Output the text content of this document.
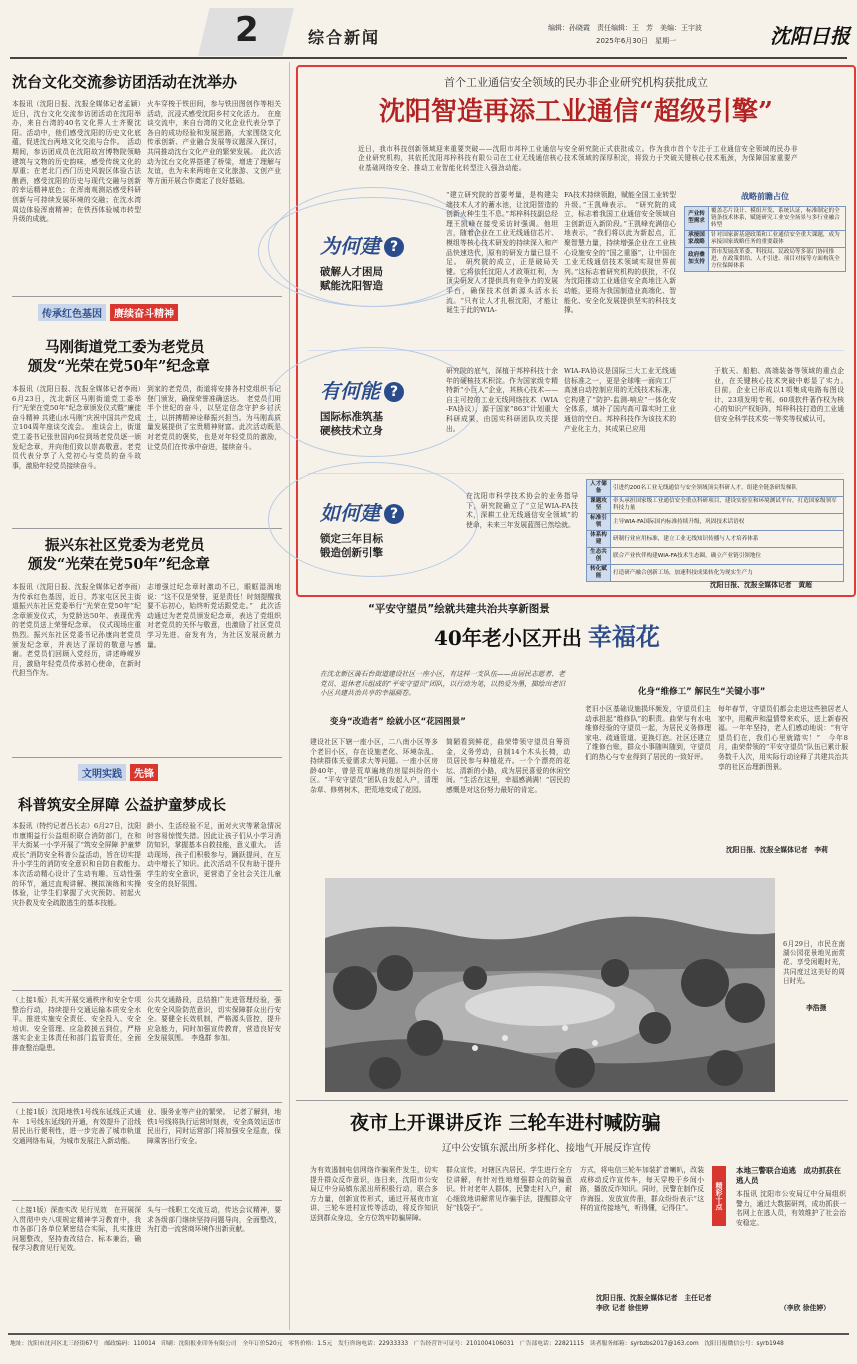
2	综合新闻	编辑：孙晓霞　责任编辑：王　芳　美编：王宇波
2025年6月30日　星期一	沈阳日报
沈台文化交流参访团活动在沈举办
本报讯（沈阳日报、沈报全媒体记者孟颖）近日，沈台文化交流参访团活动在沈阳举办，来自台湾的40名文化界人士齐聚沈阳。活动中，他们感受沈阳的历史文化底蕴，促进沈台两地文化交流与合作。　活动期间，参访团成员在沈阳故宫博物院领略建筑与文物的历史韵味，感受传统文化的厚重；在老北门西门历史风貌区体验古法酿酒，感受沈阳的历史与现代交融与创新的幸运精神底色；在浑南观测站感受科研创新与可持续发展环境的交融；在沈水湾周边体验浑南精神；在铁西体验城市转型升级的成就。
火车穿梭于铁田间，参与铁田图创作等相关活动，沉浸式感受沈阳乡村文化活力。　在座谈交流中，来自台湾的文化企业代表分享了各自的成功经验和发展思路，大家围绕文化传承创新、产业融合发展等议题深入探讨，共同推动沈台文化产业的繁荣发展。　此次活动为沈台文化界搭建了桥梁，增进了理解与友谊，也为未来两地在文化旅游、文创产业等方面开展合作奠定了良好基础。
传承红色基因 赓续奋斗精神
马刚街道党工委为老党员
颁发“光荣在党50年”纪念章
本报讯（沈阳日报、沈报全媒体记者李雨）6月23日，沈北新区马刚街道党工委举行“光荣在党50年”纪念章颁发仪式暨“廉徒奋斗精神 共建山水马刚”庆祝中国共产党成立104周年座谈交流会。　座谈会上，街道党工委书记张世国向6位到场老党员逐一颁发纪念章，并向他们致以崇高敬意。老党员代表分享了入党初心与党员的奋斗故事，激励年轻党员接续奋斗。
到家的老党员，街道将安排各村党组织书记登门颁发，确保荣誉准确送达。　老党员们用半个世纪的奋斗，以坚定信念守护乡村沃土，以拼搏精神诠释振兴担当。为马刚高质量发展提供了宝贵精神财富。此次活动既是对老党员的褒奖，也是对年轻党员的激励，让党员们在传承中奋进，接续奋斗。
振兴东社区党委为老党员
颁发“光荣在党50年”纪念章
本报讯（沈阳日报、沈报全媒体记者李雨）为传承红色基因，近日，苏家屯区民主街道振兴东社区党委举行“光荣在党50年”纪念章颁发仪式，为党龄达50年、表现优秀的老党员送上荣誉纪念章。　仪式现场庄重热烈。振兴东社区党委书记孙康向老党员颁发纪念章，并表达了深切的敬意与感谢。老党员们回顾入党经历，讲述峥嵘岁月，激励年轻党员传承初心使命，在新时代担当作为。
志增强过纪念章时激动不已，眼眶湿润地说：“这不仅是荣誉，更是责任！时刻提醒我要不忘初心，始终听党话跟党走。”　此次活动通过为老党员颁发纪念章，表达了党组织对老党员的关怀与敬意，也激励了社区党员学习先进、奋发有为，为社区发展贡献力量。
文明实践 先锋
科普筑安全屏障 公益护童梦成长
本报讯（特约记者吕长志）6月27日，沈阳市康期益行公益组织联合消防部门，在和平大街某一小学开展了“筑安全屏障 护童梦成长”消防安全科普公益活动，旨在切实提升小学生的消防安全意识和自防自救能力。　本次活动精心设计了生动有趣、互动性强的环节，通过直观讲解、模拟演练和实操体验，让学生们掌握了火灾预防、初起火灾扑救及安全疏散逃生的基本技能。
龄小、生活经验不足，面对火灾等紧急情况时容易惊慌失措。因此让孩子们从小学习消防知识，掌握基本自救技能，意义重大。　活动现场，孩子们积极参与，踊跃提问，在互动中增长了知识。此次活动不仅有助于提升学生的安全意识，更营造了全社会关注儿童安全的良好氛围。
（上接1版）扎实开展交通秩序和安全专项整治行动，持续提升交通运输本质安全水平。推进实施安全责任、安全投入、安全培训、安全管理、应急救援五到位，严格落实企业主体责任和部门监管责任，全面排查整治隐患。
公共交通路段，总结推广先进管理经验，强化安全风险防范意识，切实保障群众出行安全。要健全长效机制，严格源头管控，提升应急能力，同时加强宣传教育，营造良好安全发展氛围。　李逸群 参加。
（上接1版）沈阳地铁1号线东延线正式通车　1号线东延线的开通，有效提升了沿线居民出行便利性，进一步完善了城市轨道交通网络布局，为城市发展注入新动能。
业、服务业等产业的繁荣。　记者了解到，地铁1号线将执行运营时刻表，安全高效运送市民出行，同时运营部门将加强安全巡查，保障乘客出行安全。
（上接1版）深查实改 见行见效　在开展深入贯彻中央八项规定精神学习教育中，我市各部门各单位紧密结合实际，扎实推进问题整改，坚持查改结合、标本兼治，确保学习教育见行见效。
头与一线职工交流互动，传达会议精神，要求各级部门继续坚持问题导向，全面整改，为打造一流营商环境作出新贡献。
首个工业通信安全领域的民办非企业研究机构获批成立
沈阳智造再添工业通信“超级引擎”
近日，我市科技创新领域迎来重要突破——沈阳市邦梓工业通信与安全研究院正式获批成立。作为我市首个专注于工业通信安全领域的民办非企业研究机构，其依托沈阳邦梓科技有限公司在工业无线通信核心技术领域的深厚积淀，将致力于突破关键核心技术瓶颈，为保障国家重要产业基础网络安全、推动工业智能化转型注入强劲动能。
为何建 ?
破解人才困局
赋能沈阳智造
“建立研究院的首要考量，是构建尖端技术人才的蓄水池，让沈阳智造的创新火种生生不息。”邦梓科技副总经理王凯峰在接受采访时强调。他坦言，随着企业在工业无线通信芯片、模组等核心技术研发的持续深入和产品快速迭代，原有的研发力量已显不足。　研究院的成立，正是破局关键。它将依托沈阳人才政策红利，为顶尖研发人才提供具有竞争力的发展平台，确保技术创新源头活水长流。“只有让人才扎根沈阳，才能让诞生于此的WIA-
FA技术持续领跑，赋能全国工业转型升级。”王凯峰表示。　“研究院的成立，标志着我国工业通信安全领域自主创新迈入新阶段。”王凯峰充满信心地表示，“我们将以此为新起点，汇聚智慧力量，持续增强企业在工业核心设施安全的“国之重器”，让中国在工业无线通信技术领域实现世界前列。”这标志着研究机构的获批，不仅为沈阳推动工业通信安全高地注入新动能，更将为我国制造业高端化、智能化、安全化发展提供坚实的科技支撑。
战略前瞻占位
产业转型需求	覆盖芯片设计、模组开发、系统认证，标准制定的全链条技术体系，赋能研究工业安全场景与多行业融合转型
承接国家战略	针对国家新基建政策和工业通信安全重大课题，成为承接国家战略任务的重要载体
政府叠加支持	省市发展改革委、科技局、民政局等多部门协同推进，在政策供给、人才引进、项目对接等方面构筑全方位保障体系
有何能 ?
国际标准筑基
硬核技术立身
研究院的底气，深植于邦梓科技十余年的硬核技术积淀。作为国家级专精特新“小巨人”企业，其核心技术——自主可控的工业无线网络技术（WIA-FA协议），源于国家“863”计划重大科研成果，由国实科研团队攻关提出。
WIA-FA协议是国际三大工业无线通信标准之一，更是全球唯一面向工厂高速自动控制应用的无线技术标准，它构建了“防护-监测-响应”一体化安全体系，填补了国内高可靠实时工业通信的空白。邦梓科技作为该技术的产业化主力，其成果已应用
于航天、船舶、高端装备等领域的重点企业，在关键核心技术突破中彰显了实力。　目前，企业已形成以1项集成电路布图设计、23项发明专利、60项软件著作权为核心的知识产权矩阵，邦梓科技打造的工业通信安全科学技术奖一等奖等权威认可。
如何建 ?
锁定三年目标
锻造创新引擎
在沈阳市科学技术协会的业务指导下，研究院确立了“立足WIA-FA技术，深耕工业无线通信安全领域”的使命，未来三年发展蓝图已然绘就。
人才储备	引进约200名工业无线通信与安全领域顶尖科研人才，组建全链条研发梯队
课题攻坚	牵头承担国家级工业通信安全重点科研项目，建设实验室和环境测试平台，打造国家级领军科技力量
标准引领	主导WIA-FA国际国内标准持续升级，巩固技术话语权
体系构建	研制行业应用标准，建立工业无线知识传播与人才培养体系
生态共创	联合产业伙伴构建WIA-FA技术生态圈，确立产业链引领地位
转化赋能	打造研产融合创新工场，加速科技成果转化为现实生产力
沈阳日报、沈报全媒体记者　黄超
“平安守望员”绘就共建共治共享新图景
40年老小区开出 幸福花
在沈北新区蒲石台街道建设社区一座小区，有这样一支队伍——由居民志愿者、老党员、退休老兵组成的“平安守望员”团队，以行动为笔，以热爱为墨，描绘出老旧小区共建共治共享的幸福画卷。
变身“改造者” 绘就小区“花园图景”
化身“维修工” 解民生“关键小事”
建设社区下辖一座小区，二八南小区等多个老旧小区，存在设施老化、环境杂乱、持续群体关爱需求大等问题。一座小区房龄40年，曾是荒草遍地的房屋纠纷的小区。“平安守望员”团队自发起入户，清理杂草、修剪树木，把荒地变成了花园。
简陋看到鲜花，曲荣带领守望员自筹资金，义务劳动，自制14个木头长椅，动员居民参与种植花卉。一个个漂亮的花坛、清新的小路，成为居民喜爱的休闲空间。“生活在这里，幸福感满满！”居民的感慨是对这份努力最好的肯定。
老旧小区基础设施损坏频发，守望员们主动承担起“维修队”的职责。曲荣与有水电维修经验的守望员一起，为居民义务修理家电、疏通管道、更换灯泡。社区还建立了维修台账，群众小事随叫随到，守望员们的热心与专业得到了居民的一致好评。
每年春节，守望员们都会走进这些独居老人家中，用戴声和温情带来欢乐，送上新春祝福。一年年坚持，老人们感动地说：“有守望员们在，我们心里就踏实！”　今年8月，曲荣带领的“平安守望员”队伍已累计服务数千人次，用实际行动诠释了共建共治共享的社区治理新图景。
沈阳日报、沈报全媒体记者　李莉
6月29日，市民在南湖公园花景地见面赏花、享受闲暇时光，共同度过这美好的周日时光。
李浩摄
夜市上开课讲反诈 三轮车进村喊防骗
辽中公安镇东派出所多样化、接地气开展反诈宣传
为有效遏制电信网络诈骗案件发生，切实提升群众反诈意识，连日来，沈阳市公安局辽中分局镇东派出所积极行动，联合多方力量，创新宣传形式，通过开展夜市宣讲、三轮车进村宣传等活动，将反诈知识送到群众身边，全方位筑牢防骗屏障。
群众宣传，对辖区内居民、学生进行全方位讲解，有针对性地增强群众的防骗意识。针对老年人群体，民警走村入户，耐心细致地讲解常见诈骗手法，提醒群众守好“钱袋子”。
方式，将电信三轮车加装扩音喇叭，改装成移动反诈宣传车，每天穿梭于乡间小路，播放反诈知识。同时，民警在制作反诈海报、发放宣传册，群众纷纷表示“这样的宣传接地气，听得懂，记得住”。
沈阳日报、沈报全媒体记者　主任记者 李欣 记者 徐佳婷
精彩十点
本地三警联合追逃　成功抓获在逃人员
本报讯 沈阳市公安局辽中分局组织警力，通过大数据研判，成功抓获一名网上在逃人员，有效维护了社会治安稳定。
（李欣 徐佳婷）
地址：沈阳市沈河区北三经街67号　邮政编码：110014　印刷：沈阳报业印务有限公司　全年订价520元　零售价格：1.5元　发行咨询电话：22933333　广告经营许可证号：2101004106031　广告部电话：22821115　读者服务邮箱：syrbzbs2017@163.com　沈阳日报微信公号：syrb1948
